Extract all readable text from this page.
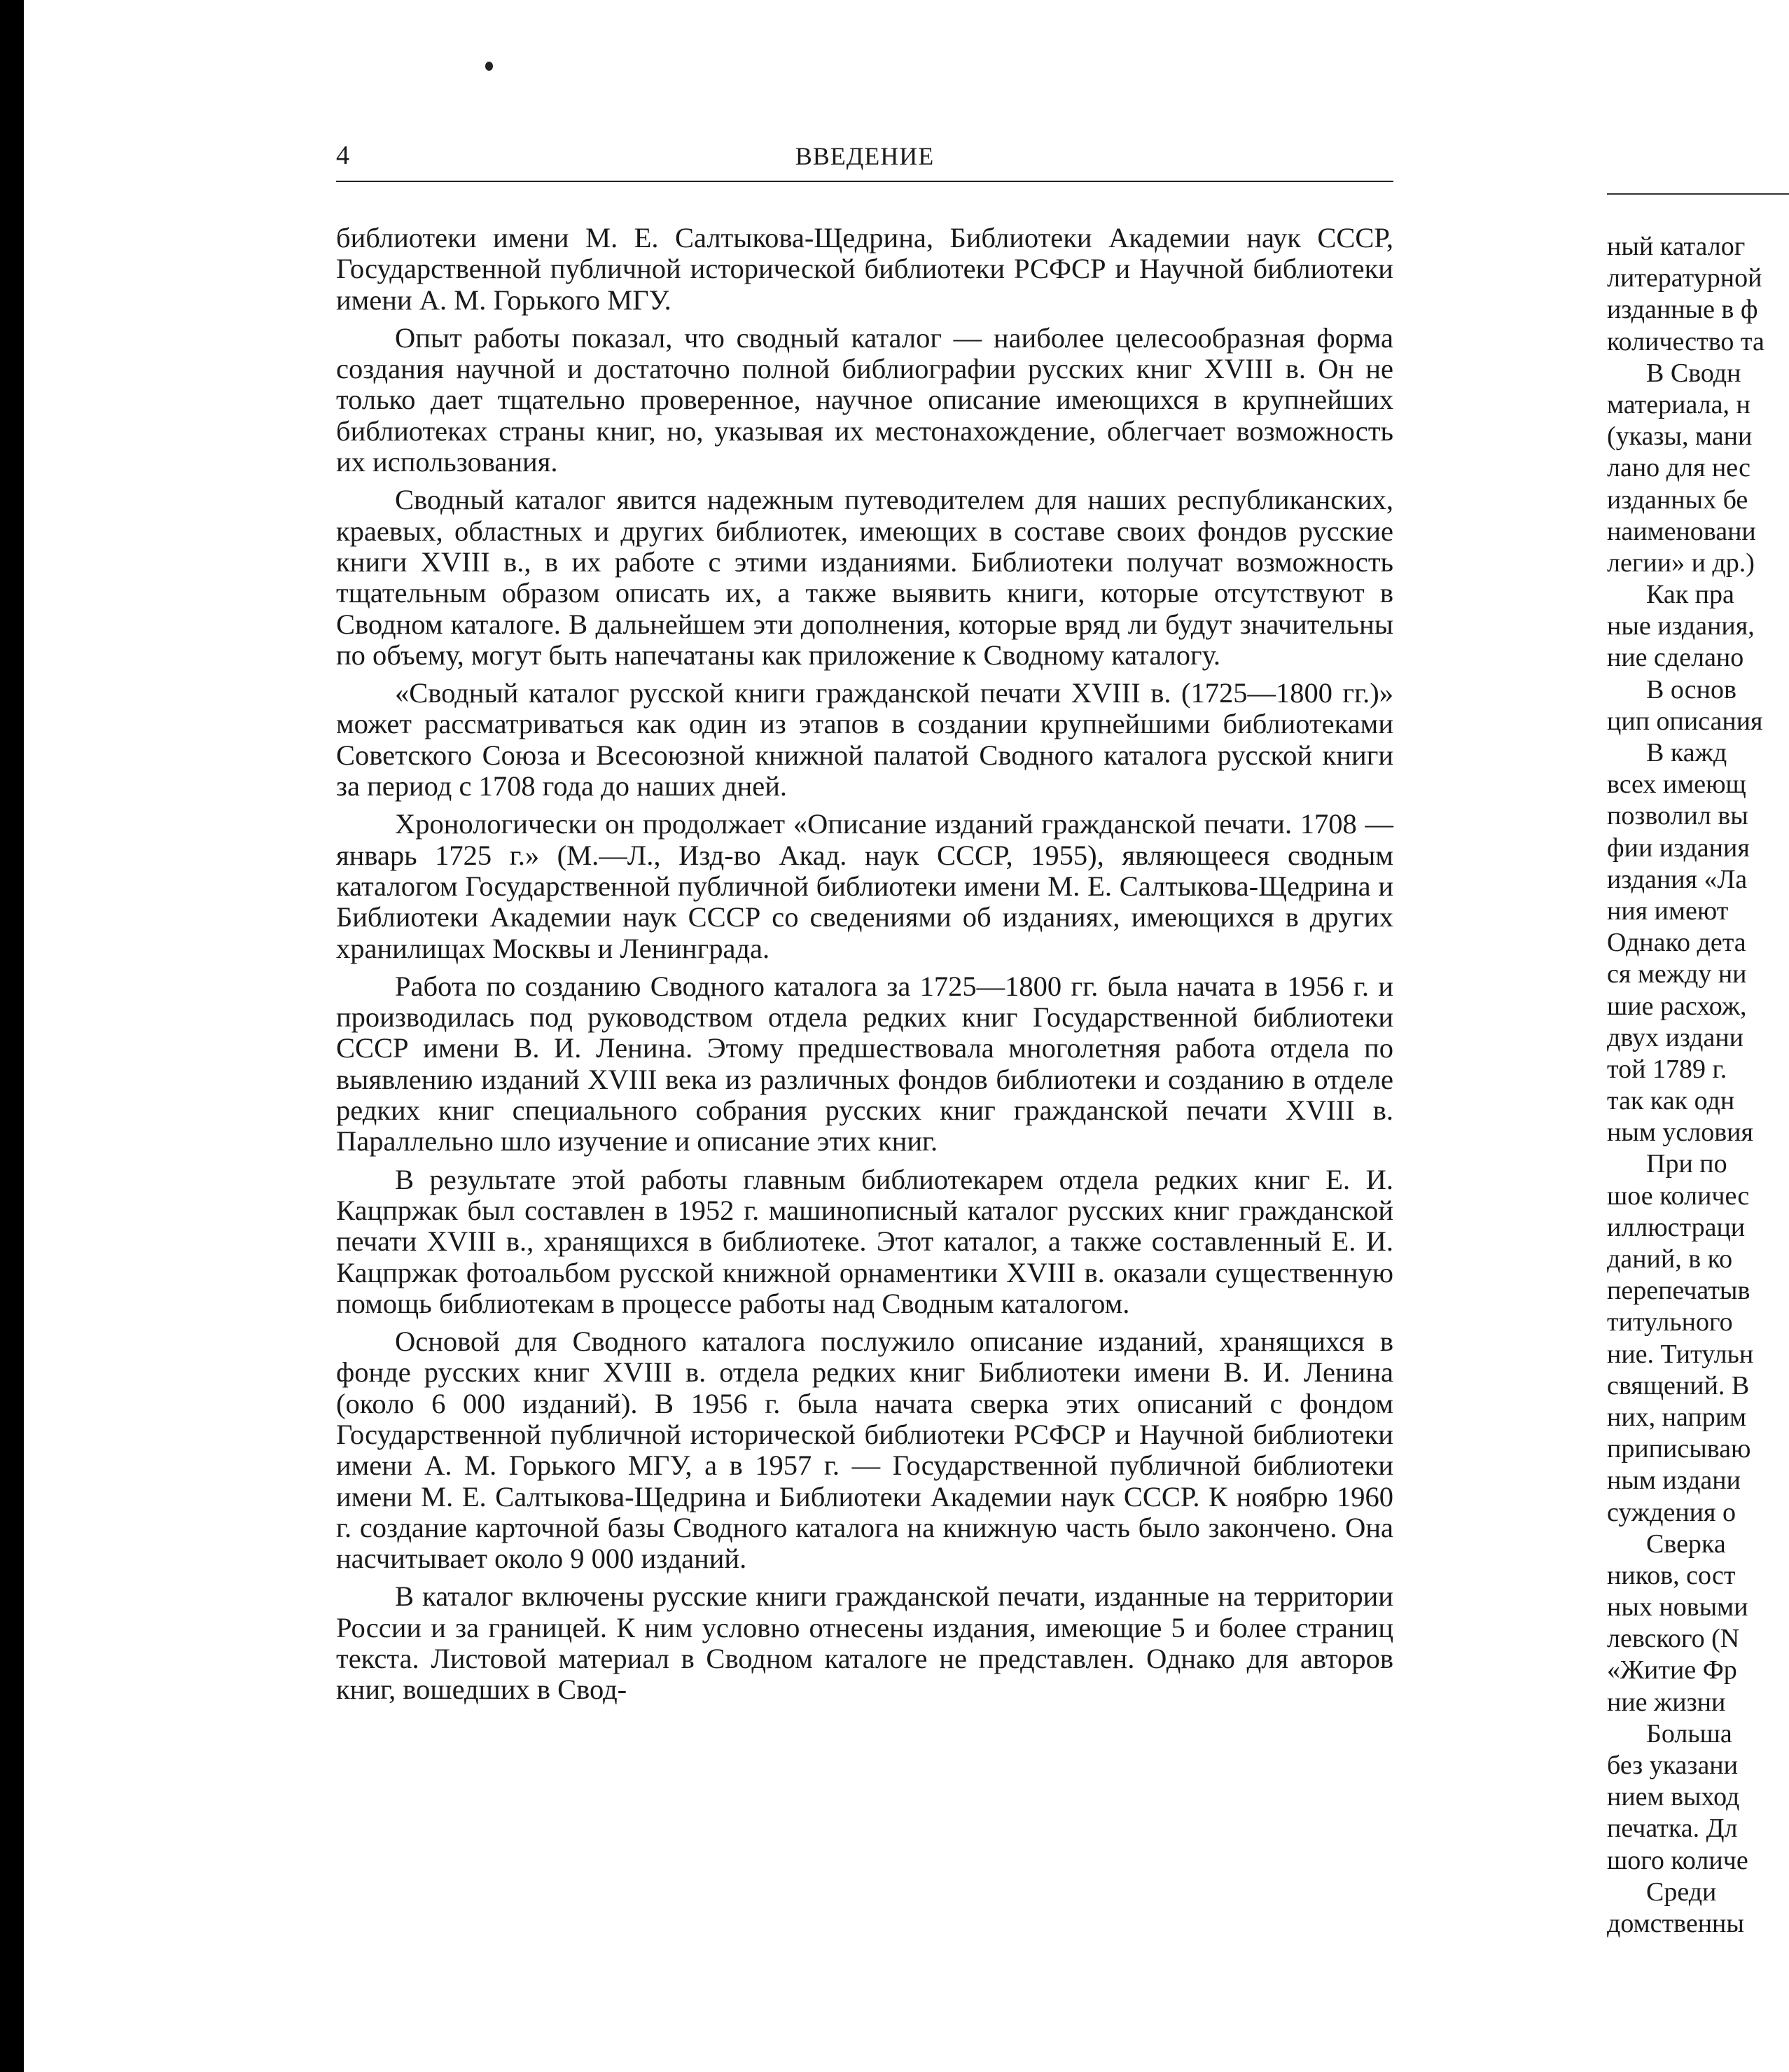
4	ВВЕДЕНИЕ

библиотеки имени М. Е. Салтыкова-Щедрина, Библиотеки Академии наук СССР, Государственной публичной исторической библиотеки РСФСР и Научной библиотеки имени А. М. Горького МГУ.

Опыт работы показал, что сводный каталог — наиболее целесообразная форма создания научной и достаточно полной библиографии русских книг XVIII в. Он не только дает тщательно проверенное, научное описание имеющихся в крупнейших библиотеках страны книг, но, указывая их местонахождение, облегчает возможность их использования.

Сводный каталог явится надежным путеводителем для наших республиканских, краевых, областных и других библиотек, имеющих в составе своих фондов русские книги XVIII в., в их работе с этими изданиями. Библиотеки получат возможность тщательным образом описать их, а также выявить книги, которые отсутствуют в Сводном каталоге. В дальнейшем эти дополнения, которые вряд ли будут значительны по объему, могут быть напечатаны как приложение к Сводному каталогу.

«Сводный каталог русской книги гражданской печати XVIII в. (1725—1800 гг.)» может рассматриваться как один из этапов в создании крупнейшими библиотеками Советского Союза и Всесоюзной книжной палатой Сводного каталога русской книги за период с 1708 года до наших дней.

Хронологически он продолжает «Описание изданий гражданской печати. 1708 — январь 1725 г.» (М.—Л., Изд-во Акад. наук СССР, 1955), являющееся сводным каталогом Государственной публичной библиотеки имени М. Е. Салтыкова-Щедрина и Библиотеки Академии наук СССР со сведениями об изданиях, имеющихся в других хранилищах Москвы и Ленинграда.

Работа по созданию Сводного каталога за 1725—1800 гг. была начата в 1956 г. и производилась под руководством отдела редких книг Государственной библиотеки СССР имени В. И. Ленина. Этому предшествовала многолетняя работа отдела по выявлению изданий XVIII века из различных фондов библиотеки и созданию в отделе редких книг специального собрания русских книг гражданской печати XVIII в. Параллельно шло изучение и описание этих книг.

В результате этой работы главным библиотекарем отдела редких книг Е. И. Кацпржак был составлен в 1952 г. машинописный каталог русских книг гражданской печати XVIII в., хранящихся в библиотеке. Этот каталог, а также составленный Е. И. Кацпржак фотоальбом русской книжной орнаментики XVIII в. оказали существенную помощь библиотекам в процессе работы над Сводным каталогом.

Основой для Сводного каталога послужило описание изданий, хранящихся в фонде русских книг XVIII в. отдела редких книг Библиотеки имени В. И. Ленина (около 6 000 изданий). В 1956 г. была начата сверка этих описаний с фондом Государственной публичной исторической библиотеки РСФСР и Научной библиотеки имени А. М. Горького МГУ, а в 1957 г. — Государственной публичной библиотеки имени М. Е. Салтыкова-Щедрина и Библиотеки Академии наук СССР. К ноябрю 1960 г. создание карточной базы Сводного каталога на книжную часть было закончено. Она насчитывает около 9 000 изданий.

В каталог включены русские книги гражданской печати, изданные на территории России и за границей. К ним условно отнесены издания, имеющие 5 и более страниц текста. Листовой материал в Сводном каталоге не представлен. Однако для авторов книг, вошедших в Свод-

ный каталог
литературной
изданные в ф
количество та
В Сводн
материала, н
(указы, мани
лано для нес
изданных бе
наименовани
легии» и др.)
Как пра
ные издания,
ние сделано
В основ
цип описания
В кажд
всех имеющ
позволил вы
фии издания
издания «Ла
ния имеют
Однако дета
ся между ни
шие расхож,
двух издани
той 1789 г.
так как одн
ным условия
При по
шое количес
иллюстраци
даний, в ко
перепечатыв
титульного
ние. Титульн
священий. В
них, наприм
приписываю
ным издани
суждения о
Сверка
ников, сост
ных новыми
левского (N
«Житие Фр
ние жизни
Больша
без указани
нием выход
печатка. Дл
шого количе
Среди
домственны
